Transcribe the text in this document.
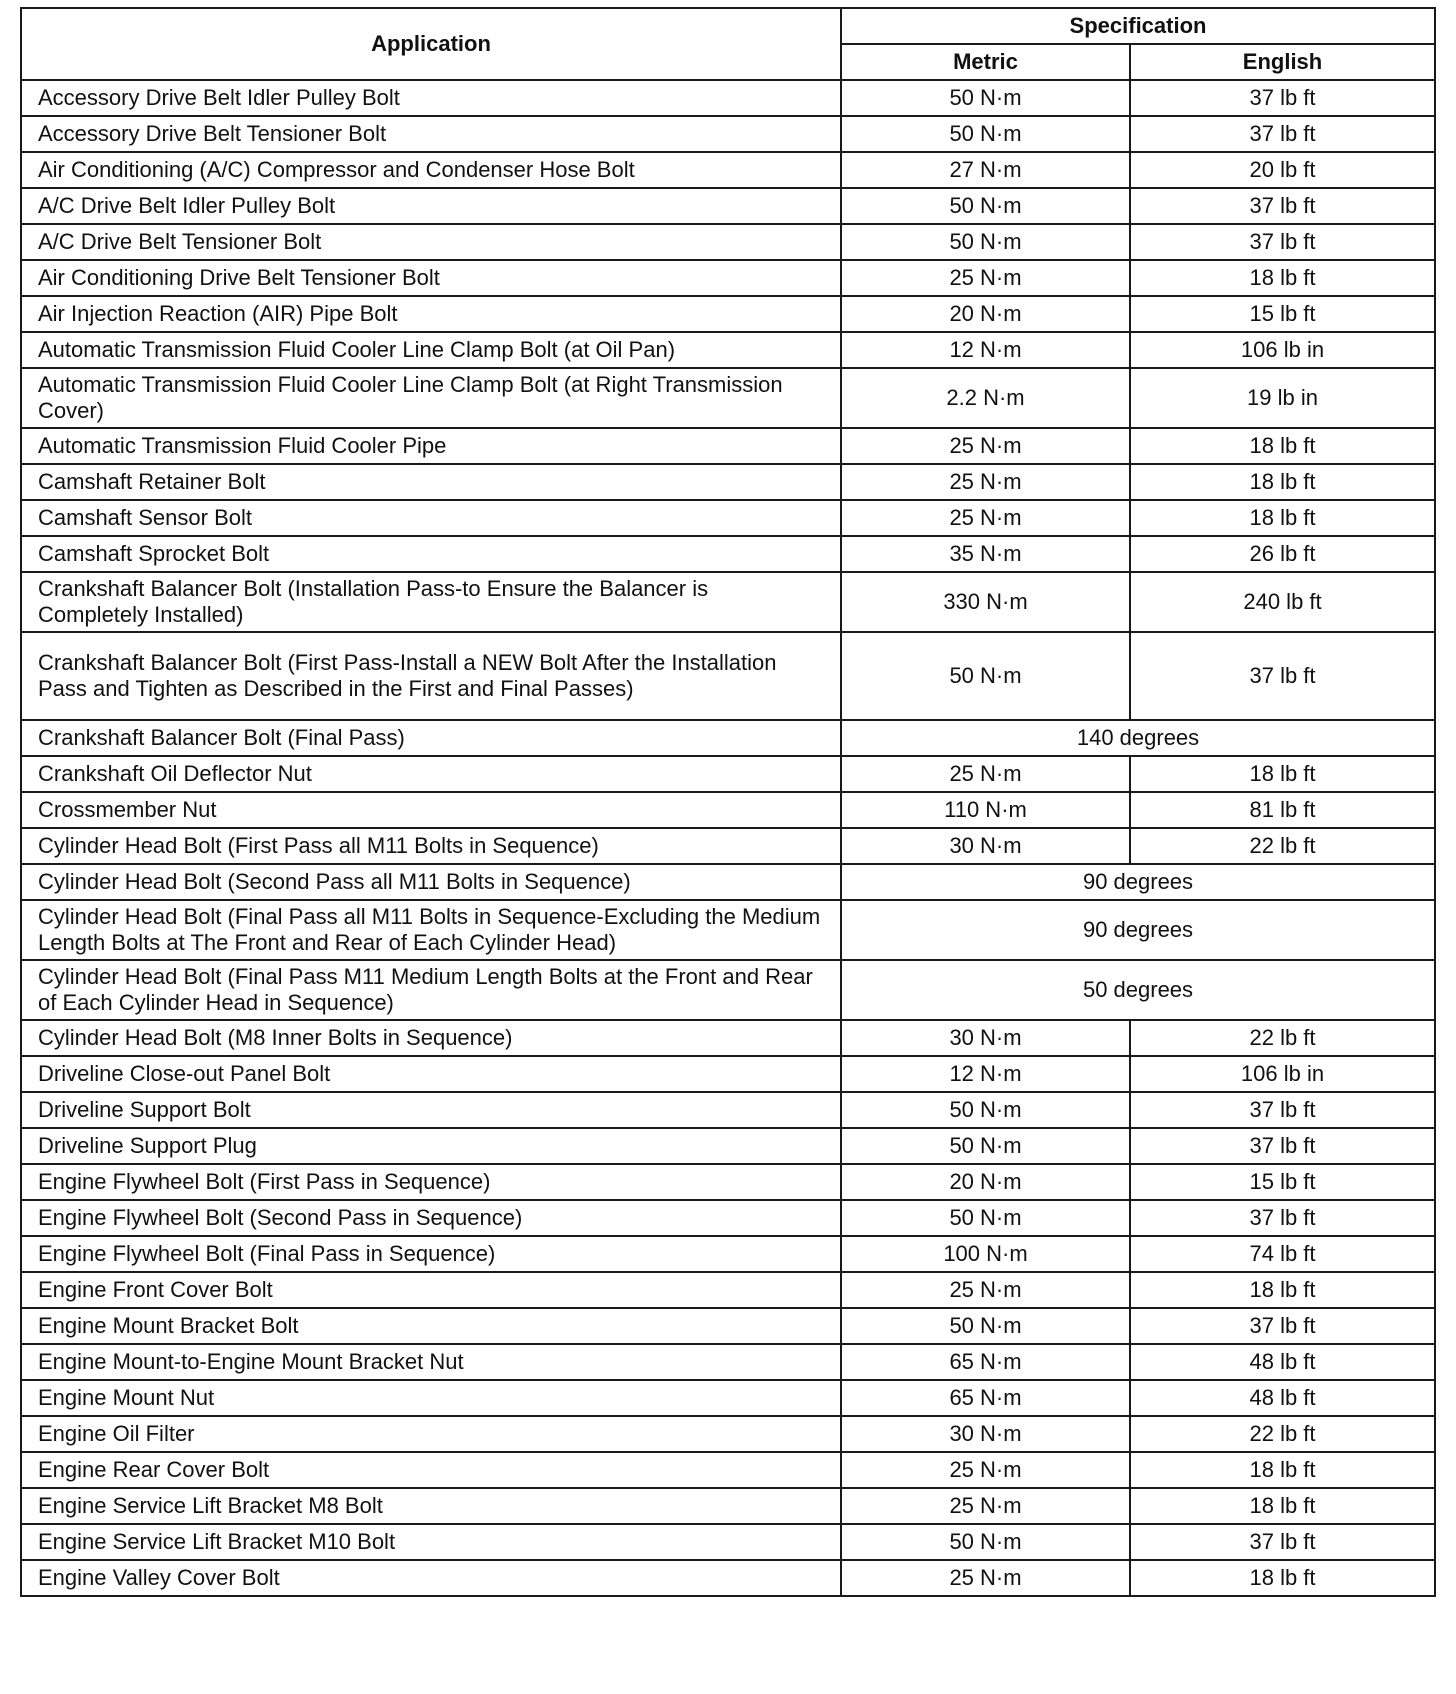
Application	Specification	
	Metric	English
Accessory Drive Belt Idler Pulley Bolt	50 N·m	37 lb ft
Accessory Drive Belt Tensioner Bolt	50 N·m	37 lb ft
Air Conditioning (A/C) Compressor and Condenser Hose Bolt	27 N·m	20 lb ft
A/C Drive Belt Idler Pulley Bolt	50 N·m	37 lb ft
A/C Drive Belt Tensioner Bolt	50 N·m	37 lb ft
Air Conditioning Drive Belt Tensioner Bolt	25 N·m	18 lb ft
Air Injection Reaction (AIR) Pipe Bolt	20 N·m	15 lb ft
Automatic Transmission Fluid Cooler Line Clamp Bolt (at Oil Pan)	12 N·m	106 lb in
Automatic Transmission Fluid Cooler Line Clamp Bolt (at Right Transmission Cover)	2.2 N·m	19 lb in
Automatic Transmission Fluid Cooler Pipe	25 N·m	18 lb ft
Camshaft Retainer Bolt	25 N·m	18 lb ft
Camshaft Sensor Bolt	25 N·m	18 lb ft
Camshaft Sprocket Bolt	35 N·m	26 lb ft
Crankshaft Balancer Bolt (Installation Pass-to Ensure the Balancer is Completely Installed)	330 N·m	240 lb ft
Crankshaft Balancer Bolt (First Pass-Install a NEW Bolt After the Installation Pass and Tighten as Described in the First and Final Passes)	50 N·m	37 lb ft
Crankshaft Balancer Bolt (Final Pass)	140 degrees	
Crankshaft Oil Deflector Nut	25 N·m	18 lb ft
Crossmember Nut	110 N·m	81 lb ft
Cylinder Head Bolt (First Pass all M11 Bolts in Sequence)	30 N·m	22 lb ft
Cylinder Head Bolt (Second Pass all M11 Bolts in Sequence)	90 degrees	
Cylinder Head Bolt (Final Pass all M11 Bolts in Sequence-Excluding the Medium Length Bolts at The Front and Rear of Each Cylinder Head)	90 degrees	
Cylinder Head Bolt (Final Pass M11 Medium Length Bolts at the Front and Rear of Each Cylinder Head in Sequence)	50 degrees	
Cylinder Head Bolt (M8 Inner Bolts in Sequence)	30 N·m	22 lb ft
Driveline Close-out Panel Bolt	12 N·m	106 lb in
Driveline Support Bolt	50 N·m	37 lb ft
Driveline Support Plug	50 N·m	37 lb ft
Engine Flywheel Bolt (First Pass in Sequence)	20 N·m	15 lb ft
Engine Flywheel Bolt (Second Pass in Sequence)	50 N·m	37 lb ft
Engine Flywheel Bolt (Final Pass in Sequence)	100 N·m	74 lb ft
Engine Front Cover Bolt	25 N·m	18 lb ft
Engine Mount Bracket Bolt	50 N·m	37 lb ft
Engine Mount-to-Engine Mount Bracket Nut	65 N·m	48 lb ft
Engine Mount Nut	65 N·m	48 lb ft
Engine Oil Filter	30 N·m	22 lb ft
Engine Rear Cover Bolt	25 N·m	18 lb ft
Engine Service Lift Bracket M8 Bolt	25 N·m	18 lb ft
Engine Service Lift Bracket M10 Bolt	50 N·m	37 lb ft
Engine Valley Cover Bolt	25 N·m	18 lb ft
